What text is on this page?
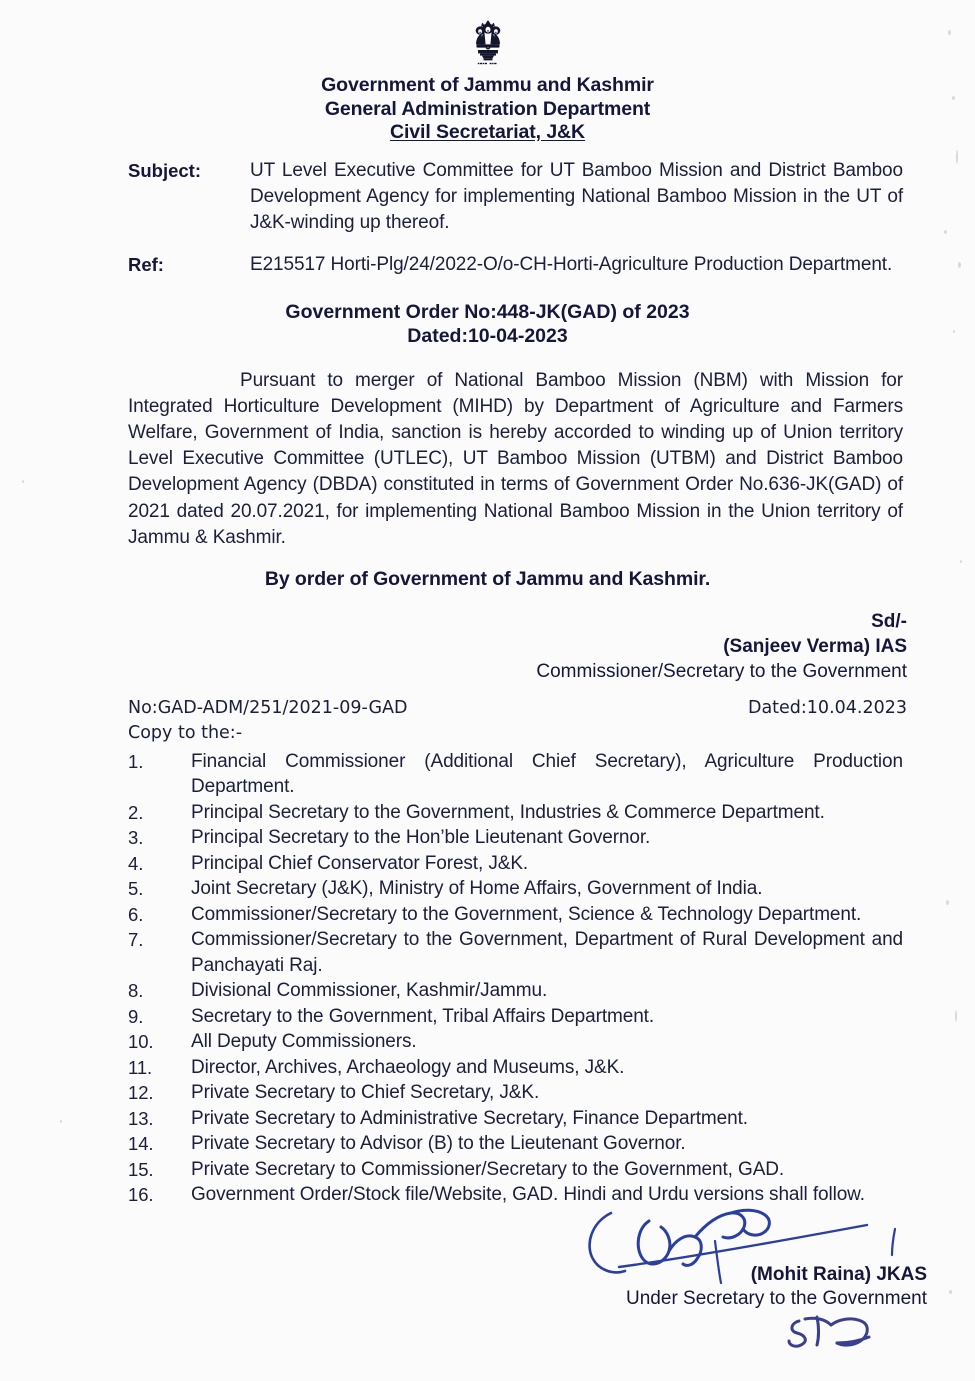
Government of Jammu and Kashmir
General Administration Department
Civil Secretariat, J&K
Subject:	UT Level Executive Committee for UT Bamboo Mission and District Bamboo Development Agency for implementing National Bamboo Mission in the UT of J&K-winding up thereof.
Ref:	E215517 Horti-Plg/24/2022-O/o-CH-Horti-Agriculture Production Department.
Government Order No:448-JK(GAD) of 2023
Dated:10-04-2023
Pursuant to merger of National Bamboo Mission (NBM) with Mission for Integrated Horticulture Development (MIHD) by Department of Agriculture and Farmers Welfare, Government of India, sanction is hereby accorded to winding up of Union territory Level Executive Committee (UTLEC), UT Bamboo Mission (UTBM) and District Bamboo Development Agency (DBDA) constituted in terms of Government Order No.636-JK(GAD) of 2021 dated 20.07.2021, for implementing National Bamboo Mission in the Union territory of Jammu & Kashmir.
By order of Government of Jammu and Kashmir.
Sd/-
(Sanjeev Verma) IAS
Commissioner/Secretary to the Government
No:GAD-ADM/251/2021-09-GAD	Dated:10.04.2023
Copy to the:-
1.	Financial Commissioner (Additional Chief Secretary), Agriculture Production Department.
2.	Principal Secretary to the Government, Industries & Commerce Department.
3.	Principal Secretary to the Hon’ble Lieutenant Governor.
4.	Principal Chief Conservator Forest, J&K.
5.	Joint Secretary (J&K), Ministry of Home Affairs, Government of India.
6.	Commissioner/Secretary to the Government, Science & Technology Department.
7.	Commissioner/Secretary to the Government, Department of Rural Development and Panchayati Raj.
8.	Divisional Commissioner, Kashmir/Jammu.
9.	Secretary to the Government, Tribal Affairs Department.
10.	All Deputy Commissioners.
11.	Director, Archives, Archaeology and Museums, J&K.
12.	Private Secretary to Chief Secretary, J&K.
13.	Private Secretary to Administrative Secretary, Finance Department.
14.	Private Secretary to Advisor (B) to the Lieutenant Governor.
15.	Private Secretary to Commissioner/Secretary to the Government, GAD.
16.	Government Order/Stock file/Website, GAD. Hindi and Urdu versions shall follow.
(Mohit Raina) JKAS
Under Secretary to the Government
